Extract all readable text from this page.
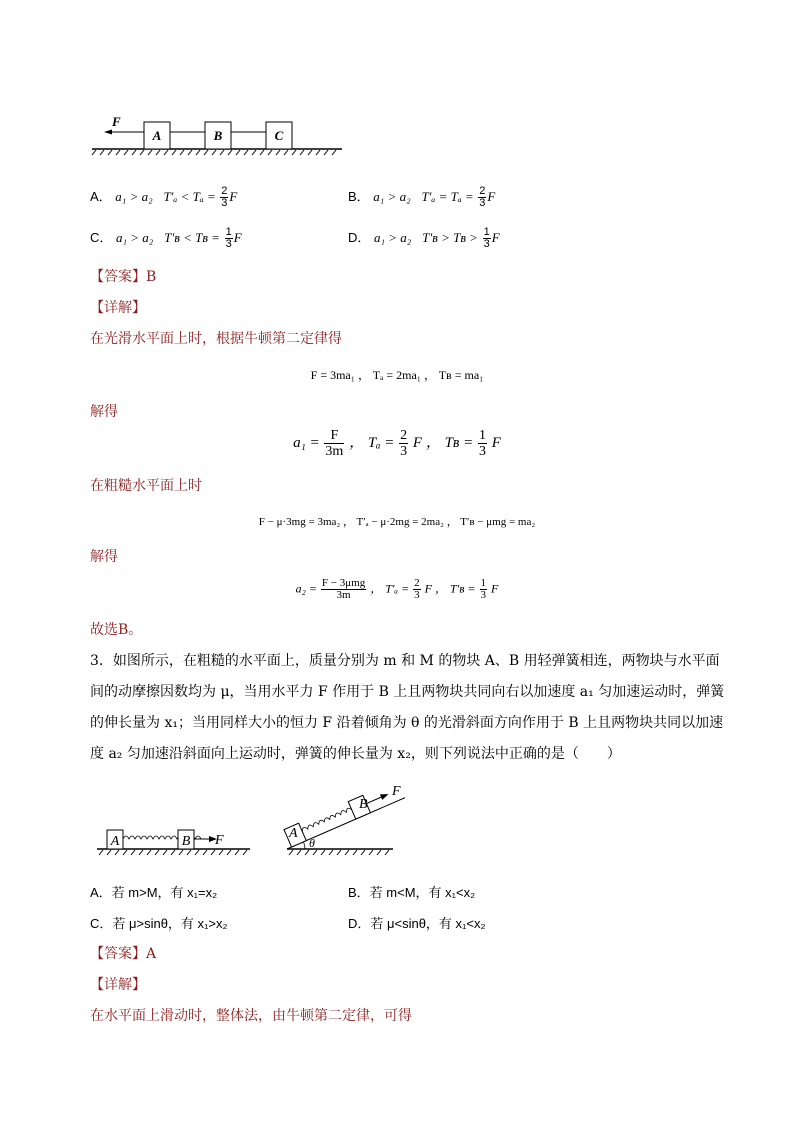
F
A	B	C
A． a₁ > a₂ $T'_a < T_a = \frac{2}{3}$ F	B． a₁ > a₂ $T'_a = T_a = \frac{2}{3}$ F
C． a₁ > a₂ T′ʙ < Tʙ = $\frac{1}{3}$ F	D． a₁ > a₂ T′ʙ > Tʙ > $\frac{1}{3}$ F
【答案】B
【详解】
在光滑水平面上时，根据牛顿第二定律得
F = 3ma₁ ， Tₐ = 2ma₁ ， Tʙ = ma₁
解得
$a_1 = \frac{F}{3m}$ ， $T_a = \frac{2}{3}$ F ， Tʙ = $\frac{1}{3}$ F
在粗糙水平面上时
F − μ·3mg = 3ma₂ ， T′ₐ − μ·2mg = 2ma₂ ， T′ʙ − μmg = ma₂
解得
$a_2 = \frac{\text{F − 3μmg}}{3m}$ ， $T'_a = \frac{2}{3}$ F ， T′ʙ = $\frac{1}{3}$ F
故选B。
3．如图所示，在粗糙的水平面上，质量分别为 m 和 M 的物块 A、B 用轻弹簧相连，两物块与水平面间的动摩擦因数均为 μ，当用水平力 F 作用于 B 上且两物块共同向右以加速度 a₁ 匀加速运动时，弹簧的伸长量为 x₁；当用同样大小的恒力 F 沿着倾角为 θ 的光滑斜面方向作用于 B 上且两物块共同以加速度 a₂ 匀加速沿斜面向上运动时，弹簧的伸长量为 x₂，则下列说法中正确的是（　　）
A	B F	θ
A
B
F
A．若 m>M，有 x₁=x₂	B．若 m<M，有 x₁<x₂
C．若 μ>sinθ，有 x₁>x₂	D．若 μ<sinθ，有 x₁<x₂
【答案】A
【详解】
在水平面上滑动时，整体法，由牛顿第二定律，可得
